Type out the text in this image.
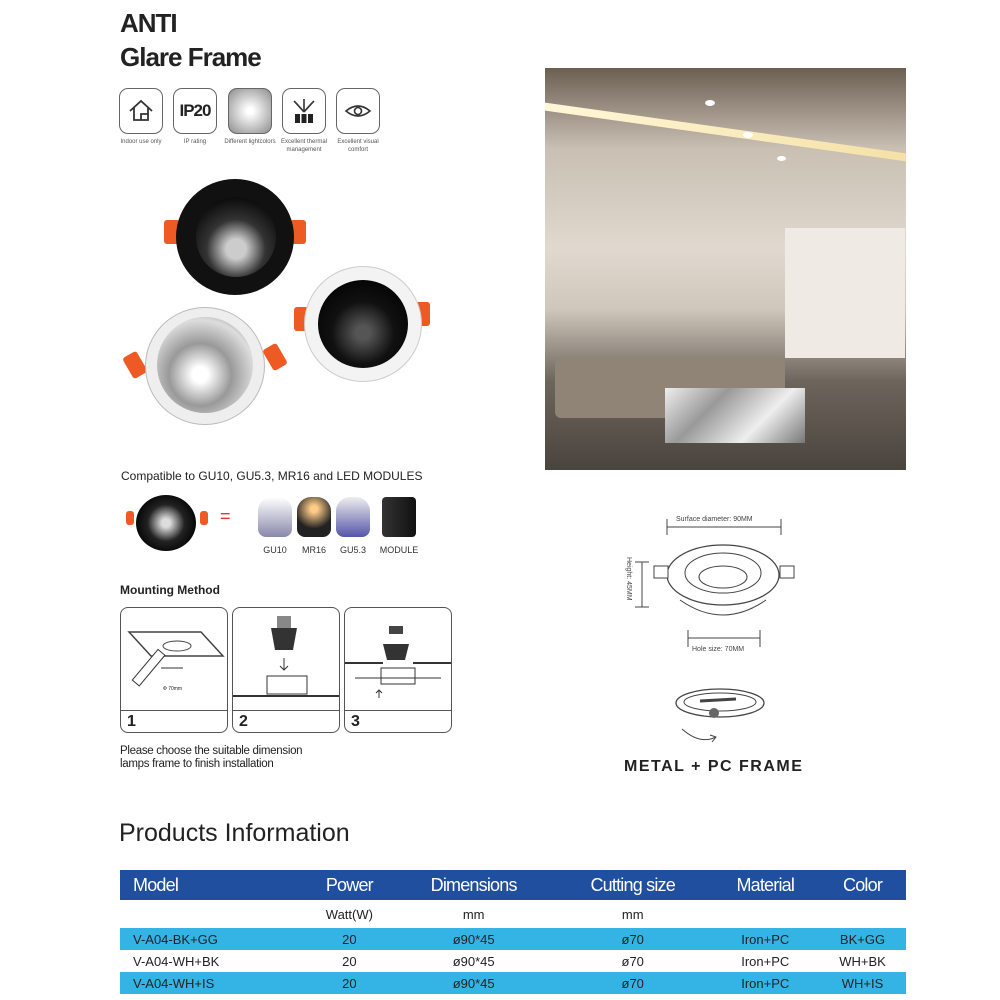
ANTI
Glare Frame
IP20
Indoor use only	IP rating	Different lightcolors Excellent thermal management
Excellent visual comfort
Compatible to GU10, GU5.3, MR16 and LED MODULES
=
GU10	MR16	GU5.3	MODULE
Mounting Method
Ф 70mm
1	2	3
Please choose the suitable dimension
lamps frame to finish installation
Surface diameter: 90MM
Height: 45MM
Hole size: 70MM
METAL + PC FRAME
Products Information
Model	Power	Dimensions	Cutting size	Material	Color
	Watt(W)	mm	mm		
V-A04-BK+GG	20	ø90*45	ø70	Iron+PC	BK+GG
V-A04-WH+BK	20	ø90*45	ø70	Iron+PC	WH+BK
V-A04-WH+IS	20	ø90*45	ø70	Iron+PC	WH+IS
